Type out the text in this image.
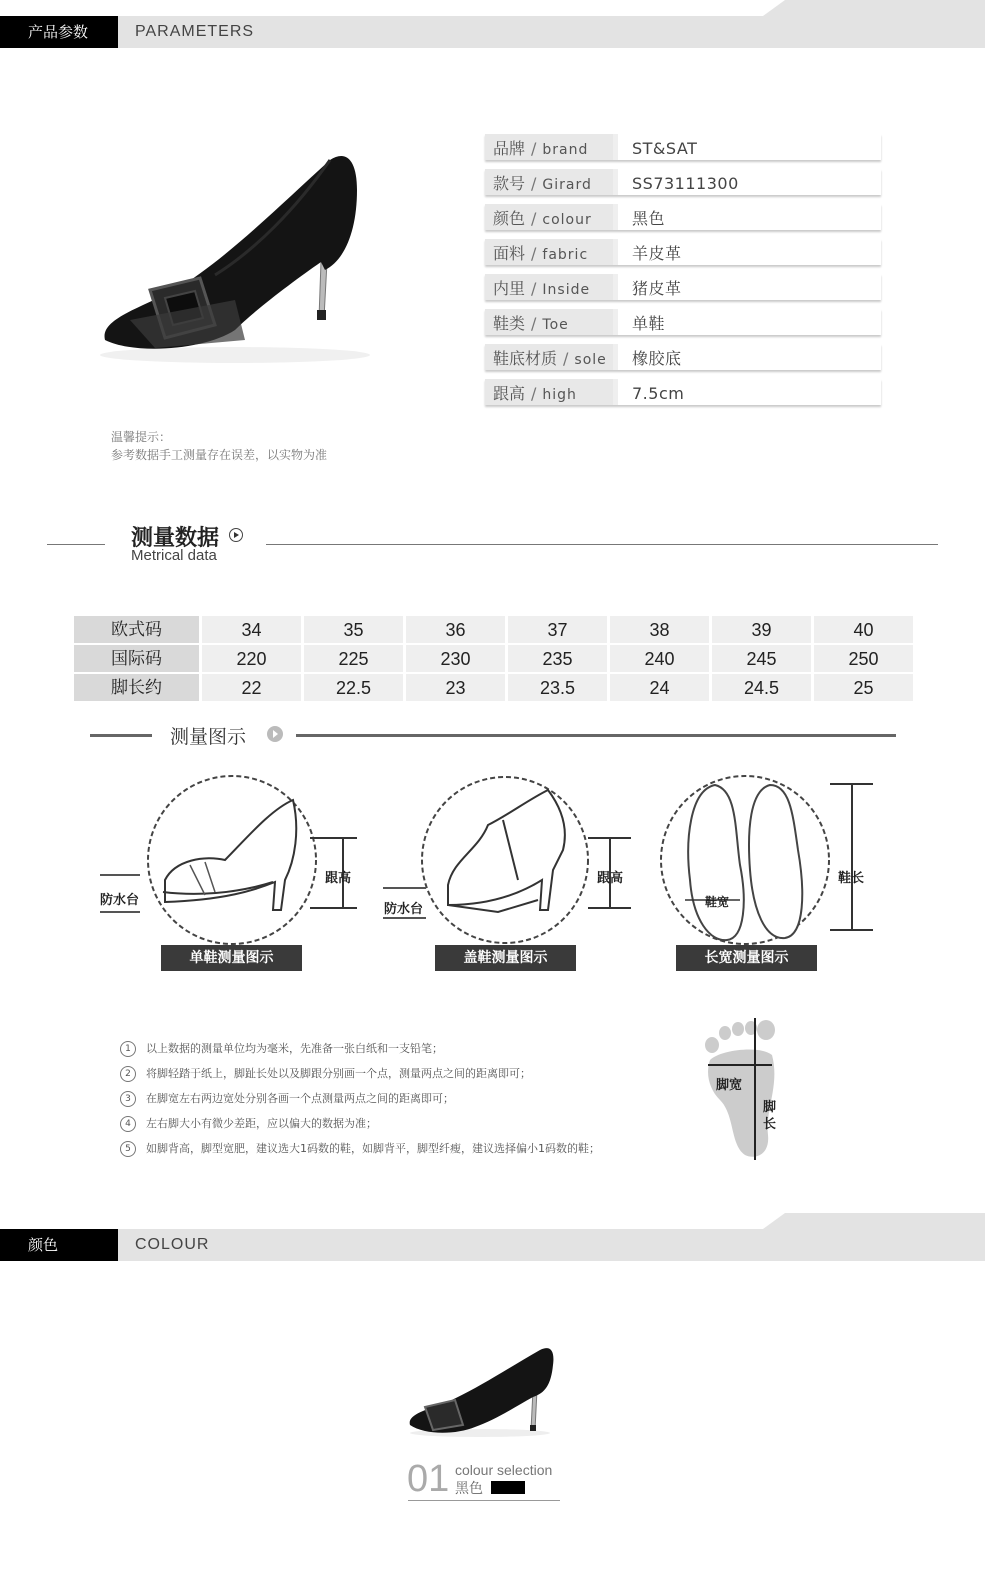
产品参数	PARAMETERS
品牌 / brand	ST&SAT
款号 / Girard	SS73111300
颜色 / colour	黑色
面料 / fabric	羊皮革
内里 / Inside	猪皮革
鞋类 / Toe	单鞋
鞋底材质 / sole	橡胶底
跟高 / high	7.5cm
温馨提示：
参考数据手工测量存在误差，以实物为准
测量数据
Metrical data
欧式码	34	35	36	37	38	39	40
国际码	220	225	230	235	240	245	250
脚长约	22	22.5	23	23.5	24	24.5	25
测量图示
防水台
跟高
单鞋测量图示
防水台
跟高
盖鞋测量图示
鞋宽
鞋长
长宽测量图示
1 以上数据的测量单位均为毫米，先准备一张白纸和一支铅笔；
2 将脚轻踏于纸上，脚趾长处以及脚跟分别画一个点，测量两点之间的距离即可；
3 在脚宽左右两边宽处分别各画一个点测量两点之间的距离即可；
4 左右脚大小有微少差距，应以偏大的数据为准；
5 如脚背高，脚型宽肥，建议选大1码数的鞋，如脚背平，脚型纤瘦，建议选择偏小1码数的鞋；
脚宽
脚
长
颜色	COLOUR
01 colour selection
黑色
